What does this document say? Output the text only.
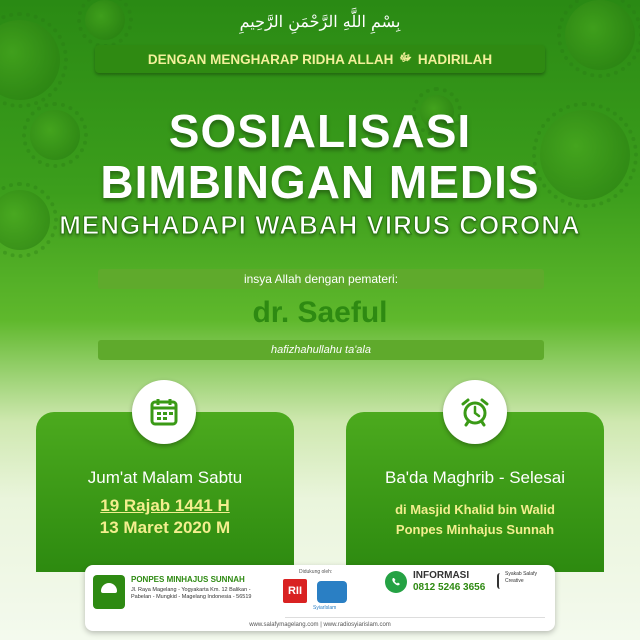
بِسْمِ اللَّهِ الرَّحْمَنِ الرَّحِيمِ
DENGAN MENGHARAP RIDHA ALLAH ﷻ HADIRILAH
SOSIALISASI
BIMBINGAN MEDIS
MENGHADAPI WABAH VIRUS CORONA
insya Allah dengan pemateri:
dr. Saeful
hafizhahullahu ta'ala
Jum'at Malam Sabtu
19 Rajab 1441 H
13 Maret 2020 M
Ba'da Maghrib - Selesai
di Masjid Khalid bin Walid
Ponpes Minhajus Sunnah
PONPES MINHAJUS SUNNAH
Jl. Raya Magelang - Yogyakarta Km. 12 Balikan - Pabelan - Mungkid - Magelang Indonesia - 56519
Didukung oleh:
RII
SyiarIslam
INFORMASI
0812 5246 3656
Syakab Salafy Creative
www.salafymagelang.com | www.radiosyiarislam.com
